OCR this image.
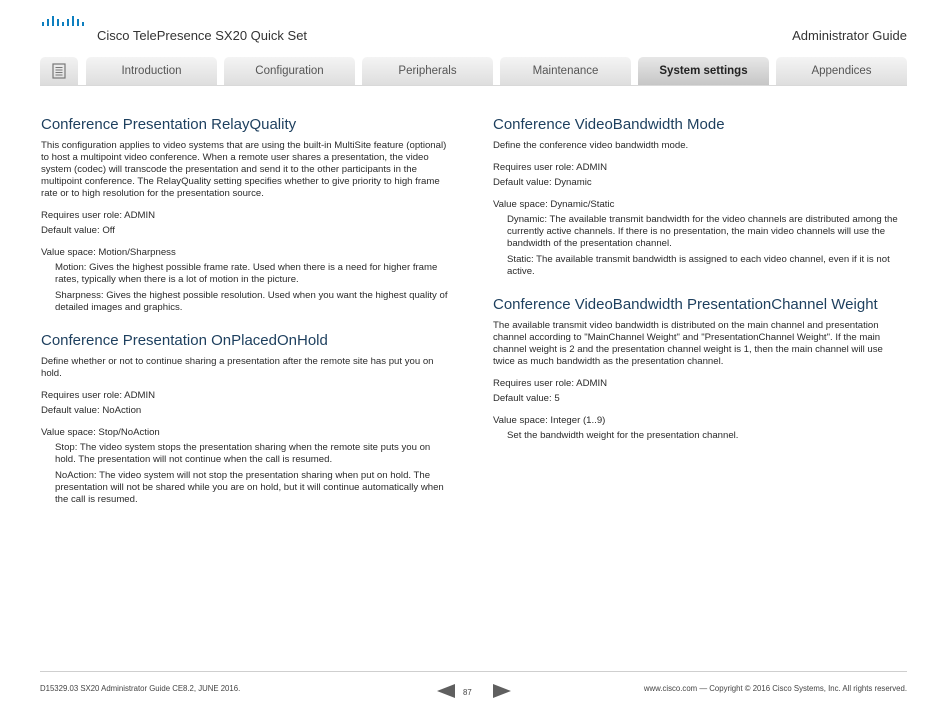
Cisco TelePresence SX20 Quick Set	Administrator Guide
Introduction	Configuration	Peripherals	Maintenance	System settings	Appendices
Conference Presentation RelayQuality

This configuration applies to video systems that are using the built-in MultiSite feature (optional) to host a multipoint video conference. When a remote user shares a presentation, the video system (codec) will transcode the presentation and send it to the other participants in the multipoint conference. The RelayQuality setting specifies whether to give priority to high frame rate or to high resolution for the presentation source.

Requires user role: ADMIN

Default value: Off

Value space: Motion/Sharpness

Motion: Gives the highest possible frame rate. Used when there is a need for higher frame rates, typically when there is a lot of motion in the picture.

Sharpness: Gives the highest possible resolution. Used when you want the highest quality of detailed images and graphics.

Conference Presentation OnPlacedOnHold

Define whether or not to continue sharing a presentation after the remote site has put you on hold.

Requires user role: ADMIN

Default value: NoAction

Value space: Stop/NoAction

Stop: The video system stops the presentation sharing when the remote site puts you on hold. The presentation will not continue when the call is resumed.

NoAction: The video system will not stop the presentation sharing when put on hold. The presentation will not be shared while you are on hold, but it will continue automatically when the call is resumed.

Conference VideoBandwidth Mode

Define the conference video bandwidth mode.

Requires user role: ADMIN

Default value: Dynamic

Value space: Dynamic/Static

Dynamic: The available transmit bandwidth for the video channels are distributed among the currently active channels. If there is no presentation, the main video channels will use the bandwidth of the presentation channel.

Static: The available transmit bandwidth is assigned to each video channel, even if it is not active.

Conference VideoBandwidth PresentationChannel Weight

The available transmit video bandwidth is distributed on the main channel and presentation channel according to "MainChannel Weight" and "PresentationChannel Weight". If the main channel weight is 2 and the presentation channel weight is 1, then the main channel will use twice as much bandwidth as the presentation channel.

Requires user role: ADMIN

Default value: 5

Value space: Integer (1..9)

Set the bandwidth weight for the presentation channel.

D15329.03 SX20 Administrator Guide CE8.2, JUNE 2016.	87	www.cisco.com — Copyright © 2016 Cisco Systems, Inc. All rights reserved.
